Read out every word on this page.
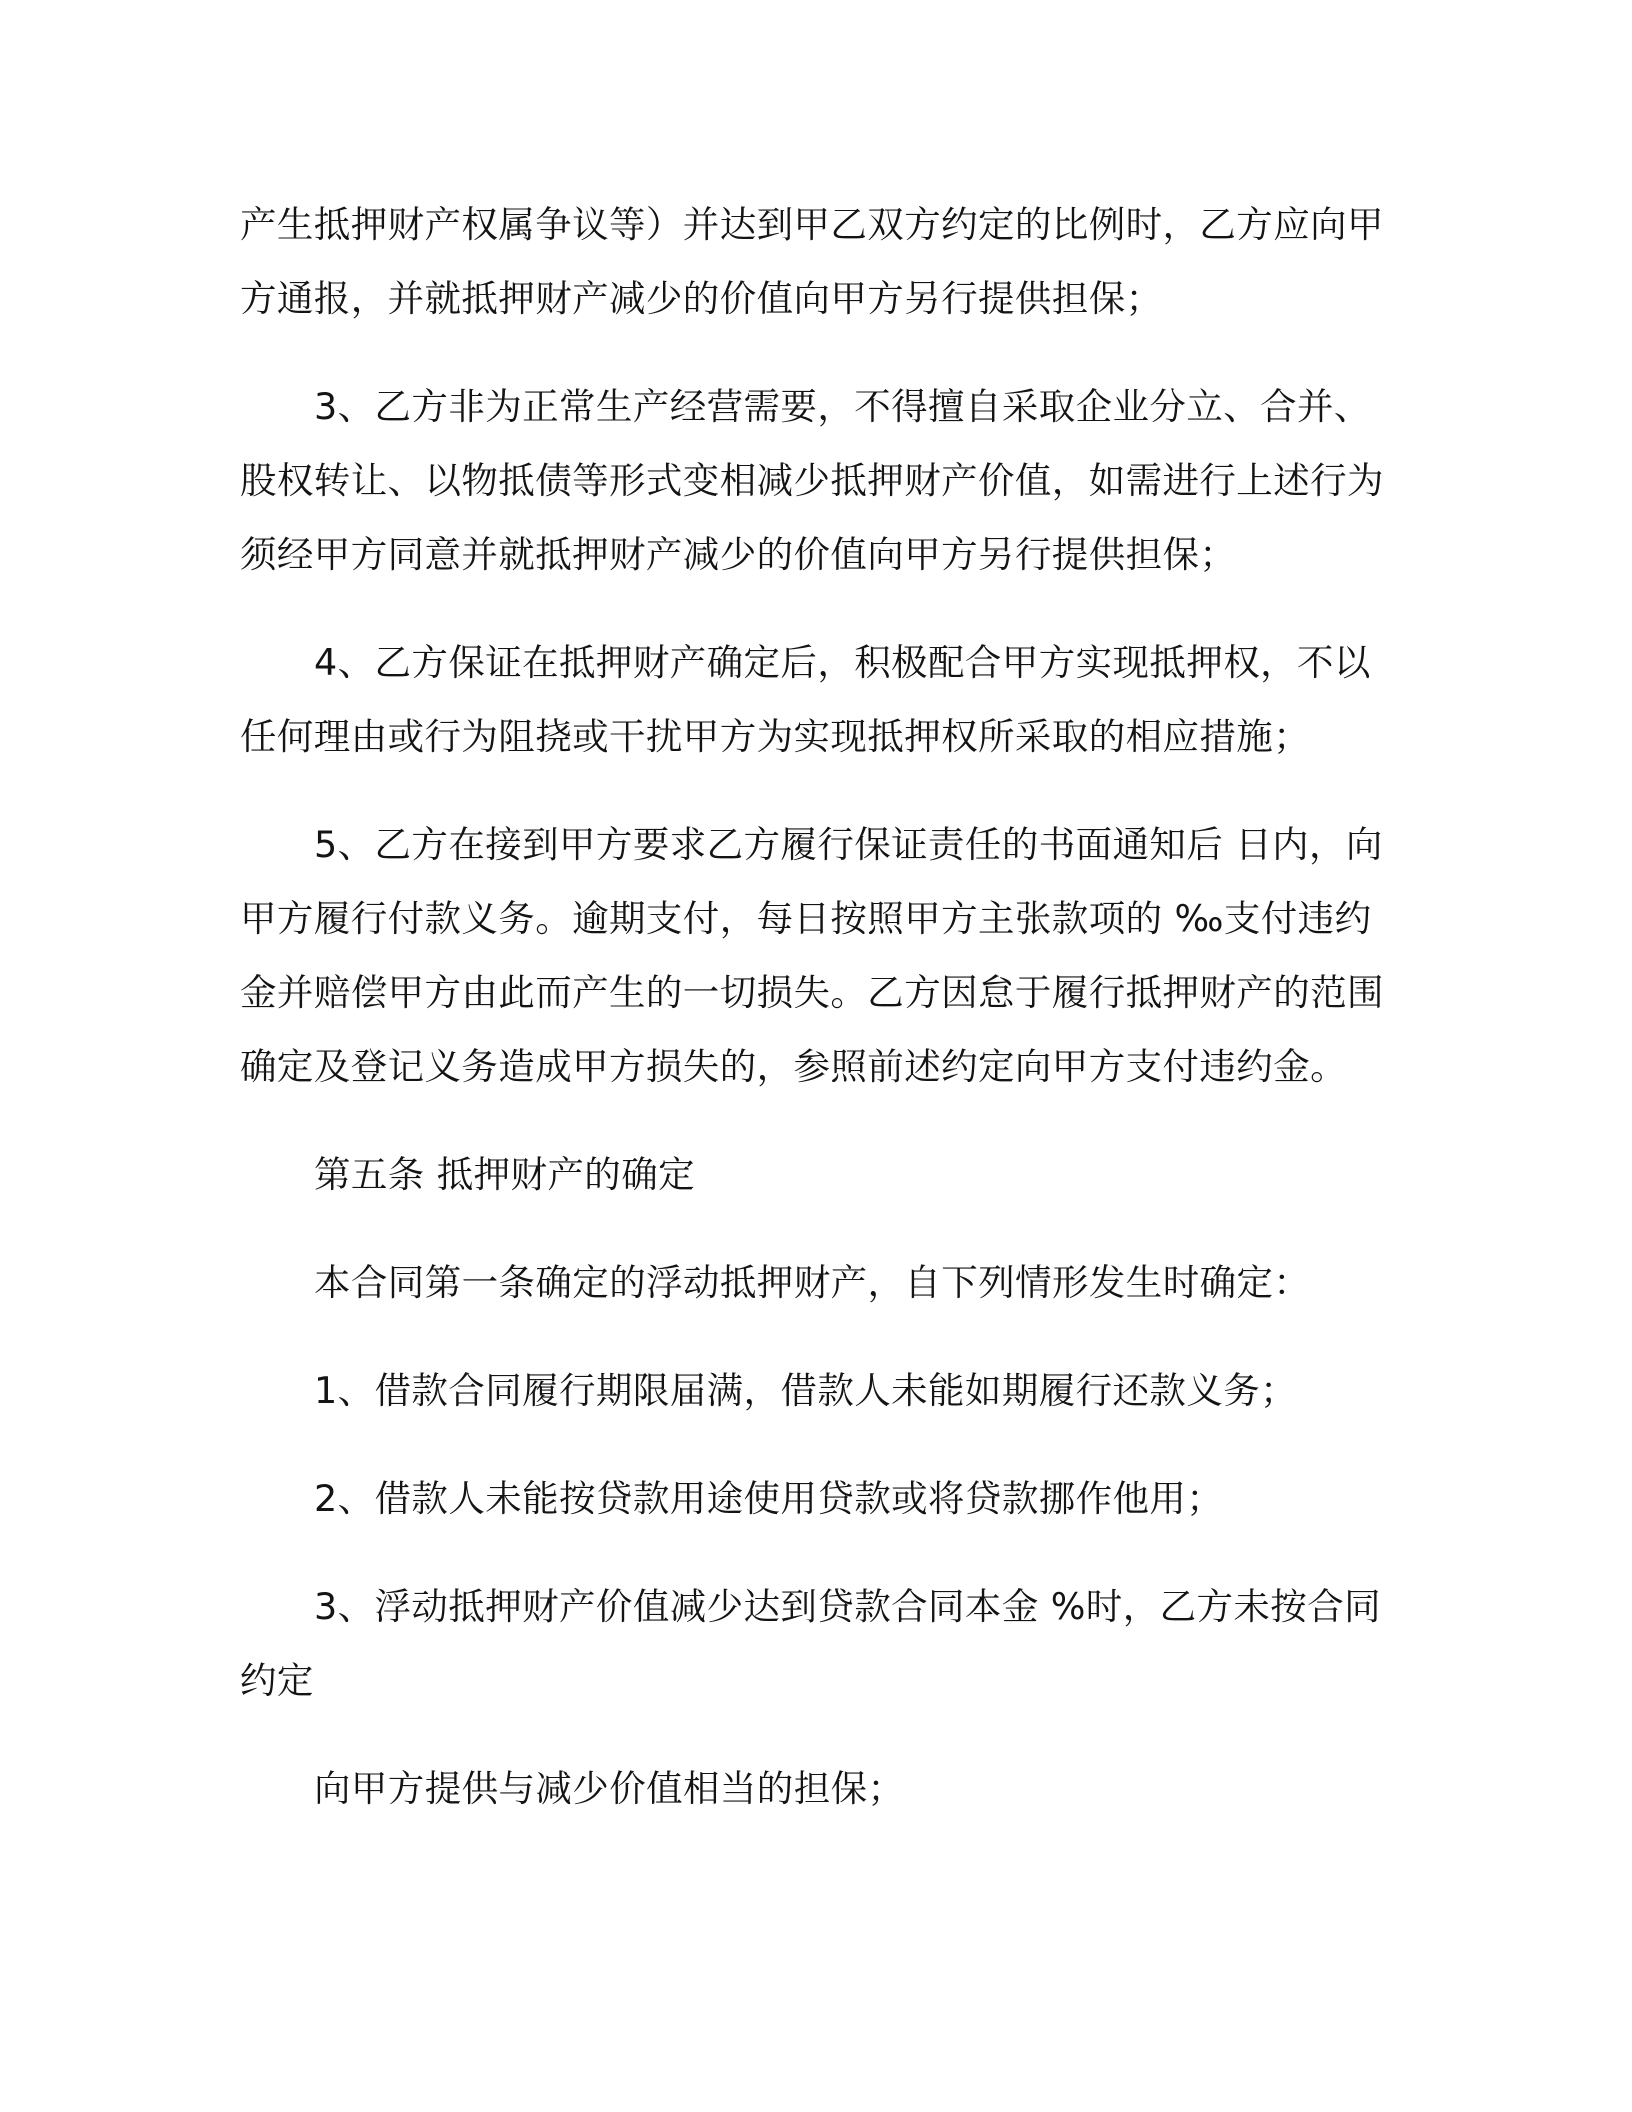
产生抵押财产权属争议等）并达到甲乙双方约定的比例时，乙方应向甲方通报，并就抵押财产减少的价值向甲方另行提供担保；

3、乙方非为正常生产经营需要，不得擅自采取企业分立、合并、股权转让、以物抵债等形式变相减少抵押财产价值，如需进行上述行为须经甲方同意并就抵押财产减少的价值向甲方另行提供担保；

4、乙方保证在抵押财产确定后，积极配合甲方实现抵押权，不以任何理由或行为阻挠或干扰甲方为实现抵押权所采取的相应措施；

5、乙方在接到甲方要求乙方履行保证责任的书面通知后 日内，向甲方履行付款义务。逾期支付，每日按照甲方主张款项的 ‰支付违约金并赔偿甲方由此而产生的一切损失。乙方因怠于履行抵押财产的范围确定及登记义务造成甲方损失的，参照前述约定向甲方支付违约金。

第五条 抵押财产的确定

本合同第一条确定的浮动抵押财产，自下列情形发生时确定：

1、借款合同履行期限届满，借款人未能如期履行还款义务；

2、借款人未能按贷款用途使用贷款或将贷款挪作他用；

3、浮动抵押财产价值减少达到贷款合同本金 %时，乙方未按合同约定

向甲方提供与减少价值相当的担保；
